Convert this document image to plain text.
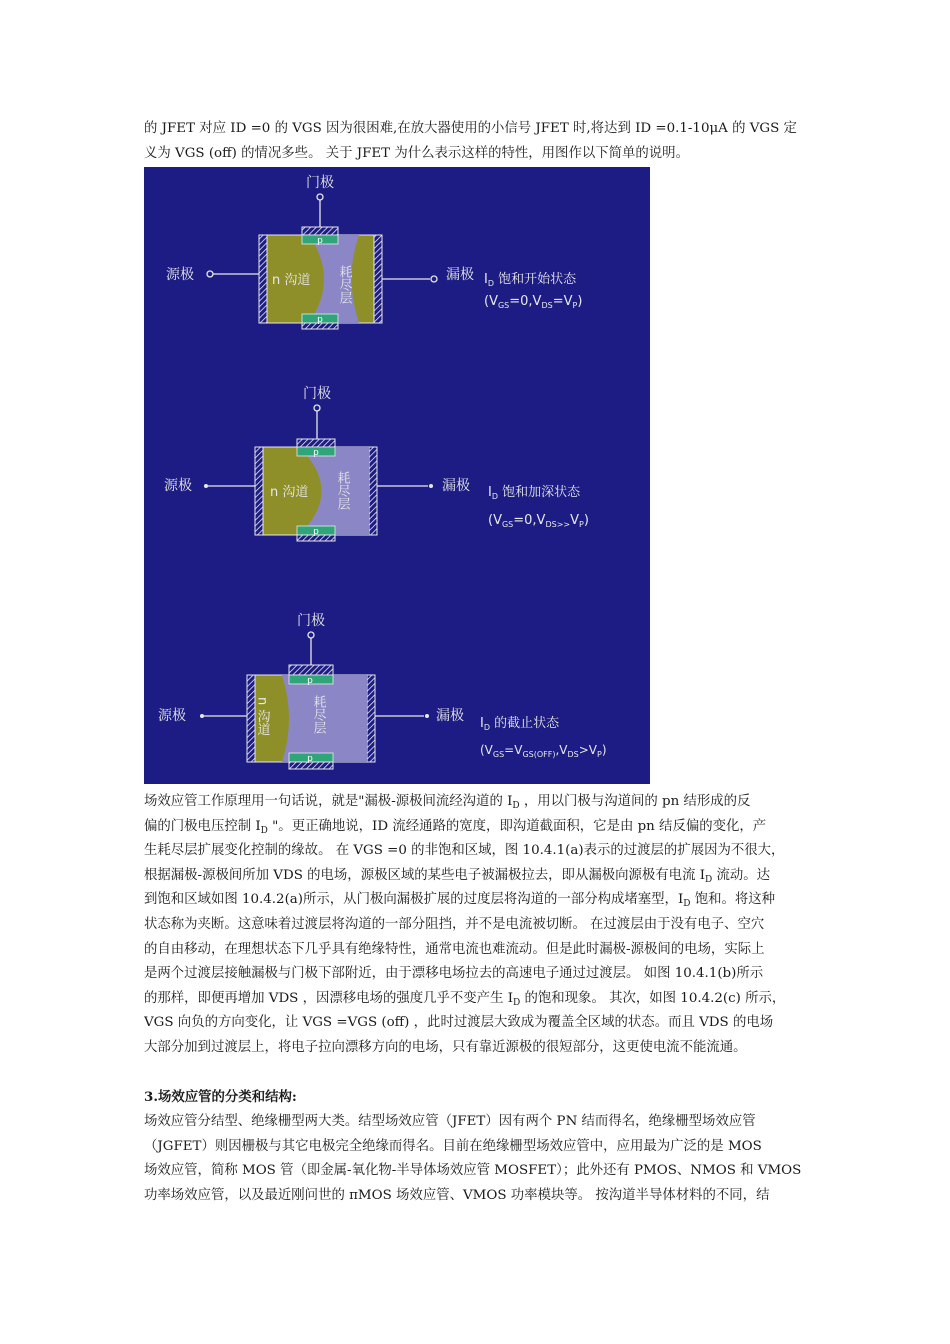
的 JFET 对应 ID =0 的 VGS 因为很困难,在放大器使用的小信号 JFET 时,将达到 ID =0.1-10μA 的 VGS 定
义为 VGS (off) 的情况多些。 关于 JFET 为什么表示这样的特性，用图作以下简单的说明。
门极
p
p
n 沟道 耗尽层
源极	漏极 $I_D$ 饱和开始状态
$(V_{GS}=0,V_{DS}=V_P)$
门极
p
p
n 沟道 耗尽层
源极	漏极 $I_D$ 饱和加深状态
$(V_{GS}=0,V_{DS>>}V_P)$
门极
p
p
n 沟道	耗尽层
源极	漏极 $I_D$ 的截止状态
$(V_{GS}=V_{GS(OFF)},V_{DS}>V_P)$
场效应管工作原理用一句话说，就是"漏极-源极间流经沟道的 $I_D$ ，用以门极与沟道间的 pn 结形成的反
偏的门极电压控制 $I_D$ "。更正确地说，ID 流经通路的宽度，即沟道截面积，它是由 pn 结反偏的变化，产
生耗尽层扩展变化控制的缘故。 在 VGS =0 的非饱和区域，图 10.4.1(a)表示的过渡层的扩展因为不很大，
根据漏极-源极间所加 VDS 的电场，源极区域的某些电子被漏极拉去，即从漏极向源极有电流 $I_D$ 流动。达
到饱和区域如图 10.4.2(a)所示，从门极向漏极扩展的过度层将沟道的一部分构成堵塞型，$I_D$ 饱和。将这种
状态称为夹断。这意味着过渡层将沟道的一部分阻挡，并不是电流被切断。 在过渡层由于没有电子、空穴
的自由移动，在理想状态下几乎具有绝缘特性，通常电流也难流动。但是此时漏极-源极间的电场，实际上
是两个过渡层接触漏极与门极下部附近，由于漂移电场拉去的高速电子通过过渡层。 如图 10.4.1(b)所示
的那样，即便再增加 VDS ，因漂移电场的强度几乎不变产生 $I_D$ 的饱和现象。 其次，如图 10.4.2(c) 所示，
VGS 向负的方向变化，让 VGS =VGS (off) ，此时过渡层大致成为覆盖全区域的状态。而且 VDS 的电场
大部分加到过渡层上，将电子拉向漂移方向的电场，只有靠近源极的很短部分，这更使电流不能流通。
3.场效应管的分类和结构:
场效应管分结型、绝缘栅型两大类。结型场效应管（JFET）因有两个 PN 结而得名，绝缘栅型场效应管
（JGFET）则因栅极与其它电极完全绝缘而得名。目前在绝缘栅型场效应管中，应用最为广泛的是 MOS
场效应管，简称 MOS 管（即金属-氧化物-半导体场效应管 MOSFET）；此外还有 PMOS、NMOS 和 VMOS
功率场效应管，以及最近刚问世的 πMOS 场效应管、VMOS 功率模块等。 按沟道半导体材料的不同，结
